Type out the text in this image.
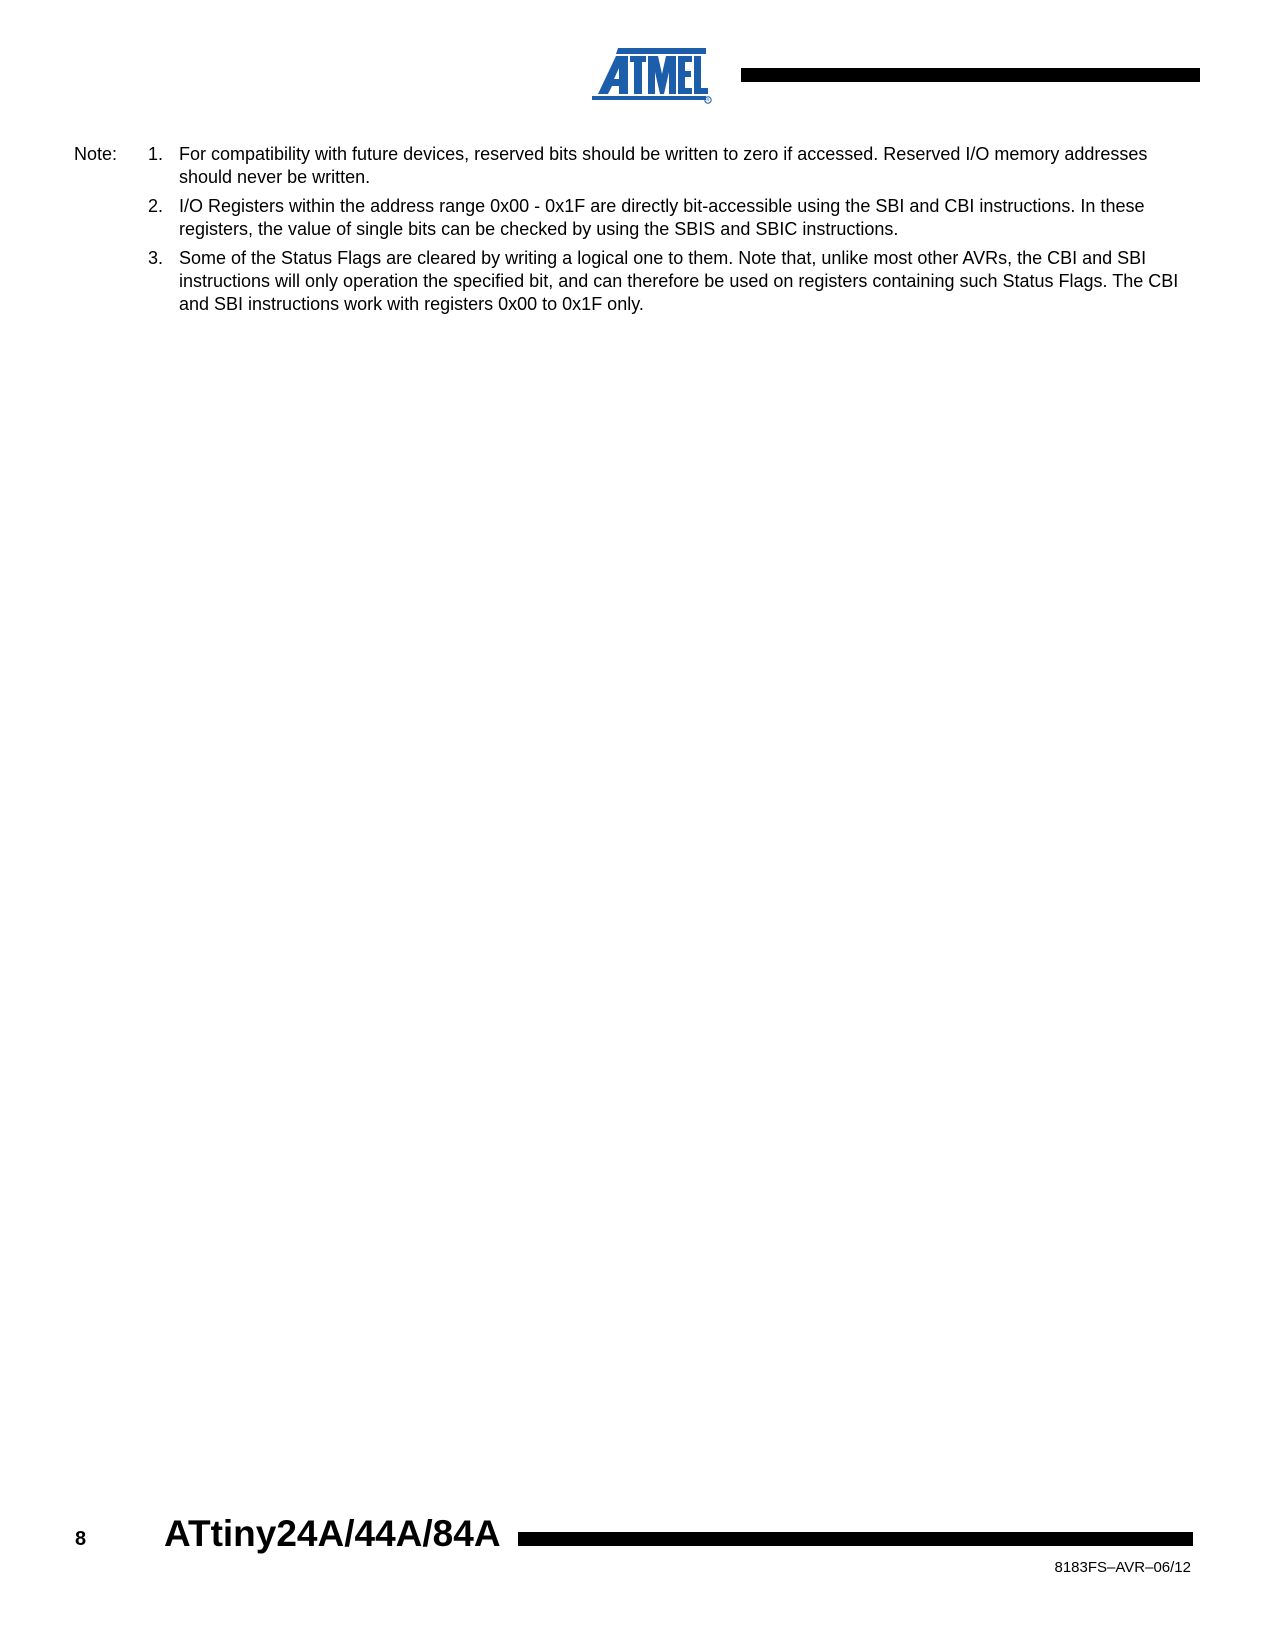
R
Note: 1. For compatibility with future devices, reserved bits should be written to zero if accessed. Reserved I/O memory addresses should never be written.
2. I/O Registers within the address range 0x00 - 0x1F are directly bit-accessible using the SBI and CBI instructions. In these registers, the value of single bits can be checked by using the SBIS and SBIC instructions.
3. Some of the Status Flags are cleared by writing a logical one to them. Note that, unlike most other AVRs, the CBI and SBI instructions will only operation the specified bit, and can therefore be used on registers containing such Status Flags. The CBI and SBI instructions work with registers 0x00 to 0x1F only.
8 ATtiny24A/44A/84A
8183FS–AVR–06/12
